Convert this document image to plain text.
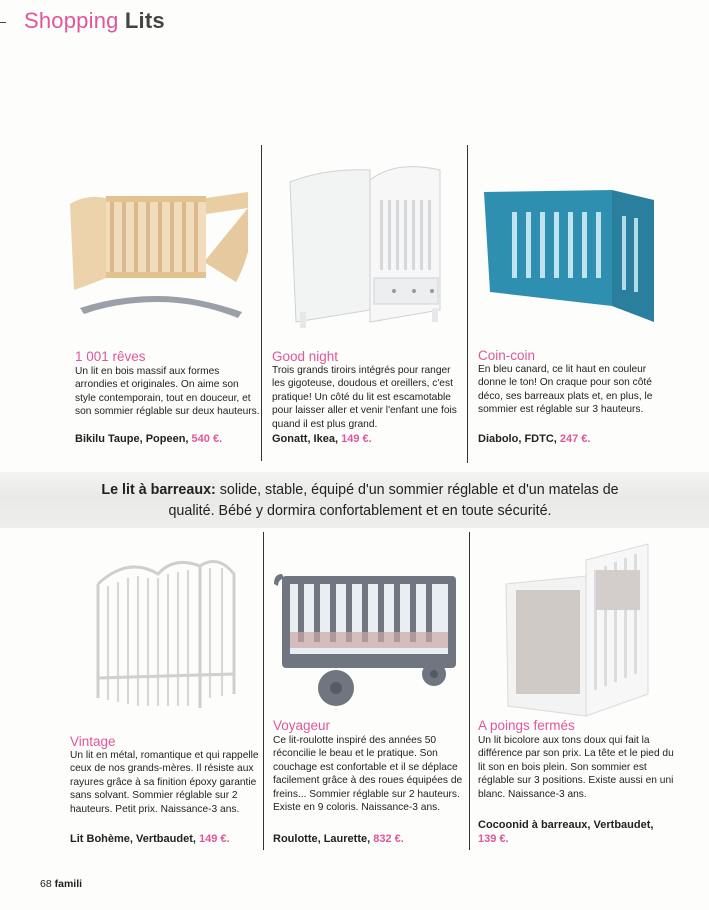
Shopping Lits
1 001 rêves
Un lit en bois massif aux formes arrondies et originales. On aime son style contemporain, tout en douceur, et son sommier réglable sur deux hauteurs.
Bikilu Taupe, Popeen, 540 €.
Good night
Trois grands tiroirs intégrés pour ranger les gigoteuse, doudous et oreillers, c'est pratique! Un côté du lit est escamotable pour laisser aller et venir l'enfant une fois quand il est plus grand.
Gonatt, Ikea, 149 €.
Coin-coin
En bleu canard, ce lit haut en couleur donne le ton! On craque pour son côté déco, ses barreaux plats et, en plus, le sommier est réglable sur 3 hauteurs.
Diabolo, FDTC, 247 €.
Le lit à barreaux: solide, stable, équipé d'un sommier réglable et d'un matelas de qualité. Bébé y dormira confortablement et en toute sécurité.
Vintage
Un lit en métal, romantique et qui rappelle ceux de nos grands-mères. Il résiste aux rayures grâce à sa finition époxy garantie sans solvant. Sommier réglable sur 2 hauteurs. Petit prix. Naissance-3 ans.
Lit Bohème, Vertbaudet, 149 €.
Voyageur
Ce lit-roulotte inspiré des années 50 réconcilie le beau et le pratique. Son couchage est confortable et il se déplace facilement grâce à des roues équipées de freins... Sommier réglable sur 2 hauteurs. Existe en 9 coloris. Naissance-3 ans.
Roulotte, Laurette, 832 €.
A poings fermés
Un lit bicolore aux tons doux qui fait la différence par son prix. La tête et le pied du lit son en bois plein. Son sommier est réglable sur 3 positions. Existe aussi en uni blanc. Naissance-3 ans.
Cocoonid à barreaux, Vertbaudet, 139 €.
68 famili
